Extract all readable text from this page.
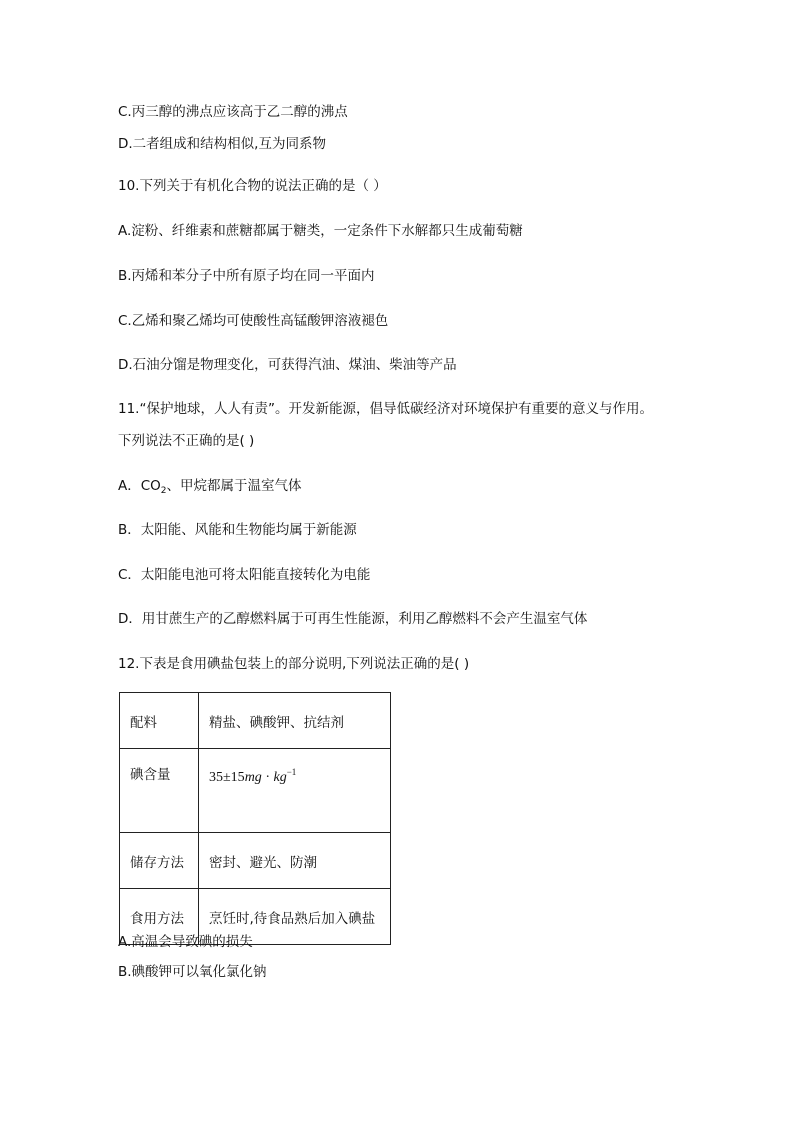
C.丙三醇的沸点应该高于乙二醇的沸点
D.二者组成和结构相似,互为同系物
10.下列关于有机化合物的说法正确的是（ ）
A.淀粉、纤维素和蔗糖都属于糖类，一定条件下水解都只生成葡萄糖
B.丙烯和苯分子中所有原子均在同一平面内
C.乙烯和聚乙烯均可使酸性高锰酸钾溶液褪色
D.石油分馏是物理变化，可获得汽油、煤油、柴油等产品
11.“保护地球，人人有责”。开发新能源，倡导低碳经济对环境保护有重要的意义与作用。
下列说法不正确的是( )
A．$CO_2$、甲烷都属于温室气体
B．太阳能、风能和生物能均属于新能源
C．太阳能电池可将太阳能直接转化为电能
D．用甘蔗生产的乙醇燃料属于可再生性能源，利用乙醇燃料不会产生温室气体
12.下表是食用碘盐包装上的部分说明,下列说法正确的是( )
配料	精盐、碘酸钾、抗结剂
碘含量	$35\pm 15mg \cdot kg^{-1}$
储存方法	密封、避光、防潮
食用方法	烹饪时,待食品熟后加入碘盐
A.高温会导致碘的损失
B.碘酸钾可以氧化氯化钠
